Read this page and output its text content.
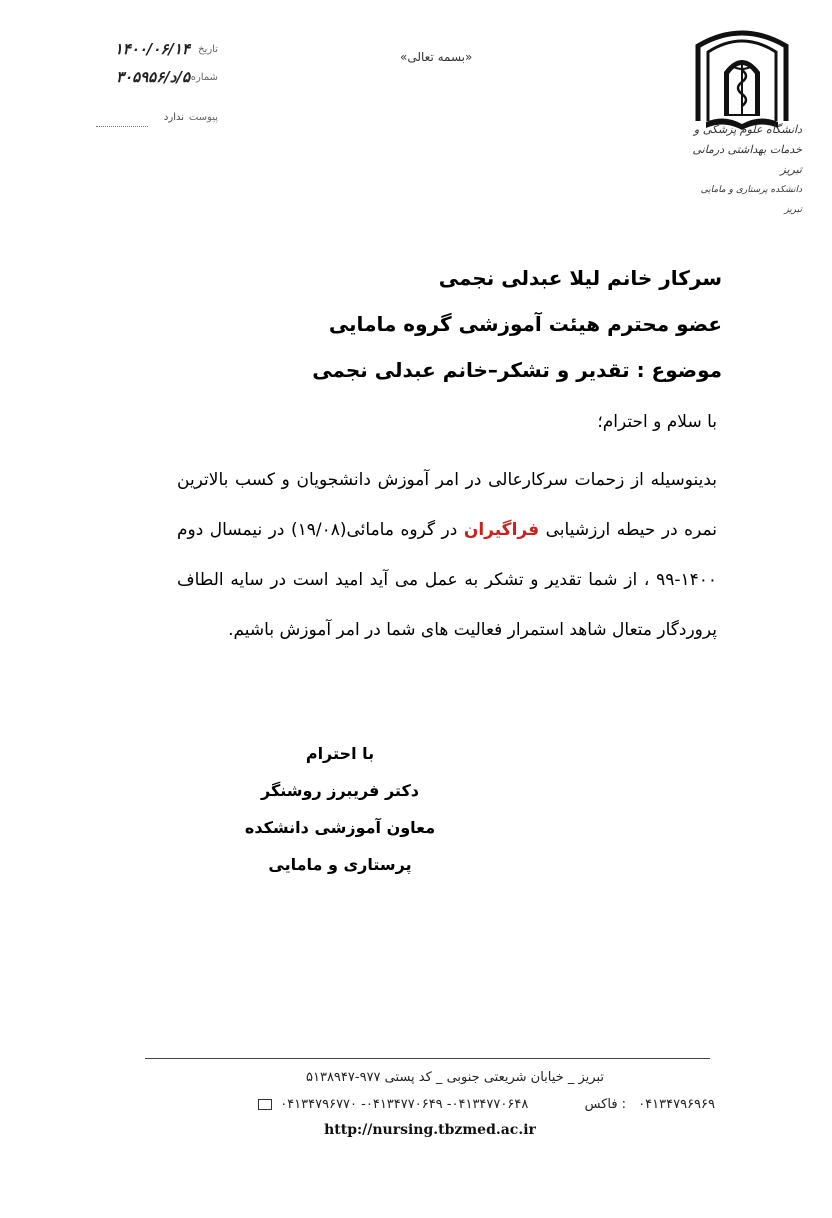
تاریخ
۱۴۰۰/۰۶/۱۴
شماره
۵/د/۳۰۵۹۵۶
پیوست
ندارد
«بسمه تعالی»
دانشگاه علوم پزشکی و
خدمات بهداشتی درمانی تبریز
دانشکده پرستاری و مامایی تبریز
سرکار خانم لیلا عبدلی نجمی
عضو محترم هیئت آموزشی گروه مامایی
موضوع : تقدیر و تشکر–خانم عبدلی نجمی
با سلام و احترام؛
بدینوسیله از زحمات سرکارعالی در امر آموزش دانشجویان و کسب بالاترین نمره در حیطه ارزشیابی فراگیران در گروه مامائی(۱۹/۰۸) در نیمسال دوم ۱۴۰۰-۹۹ ، از شما تقدیر و تشکر به عمل می آید امید است در سایه الطاف پروردگار متعال شاهد استمرار فعالیت های شما در امر آموزش باشیم.
با احترام
دکتر فریبرز روشنگر
معاون آموزشی دانشکده
پرستاری و مامایی
تبریز _ خیابان شریعتی جنوبی _ کد پستی ۹۷۷-۵۱۳۸۹۴۷
۰۴۱۳۴۷۹۶۹۶۹ : فاکس  ۰۴۱۳۴۷۷۰۶۴۸- ۰۴۱۳۴۷۷۰۶۴۹- ۰۴۱۳۴۷۹۶۷۷۰
http://nursing.tbzmed.ac.ir
